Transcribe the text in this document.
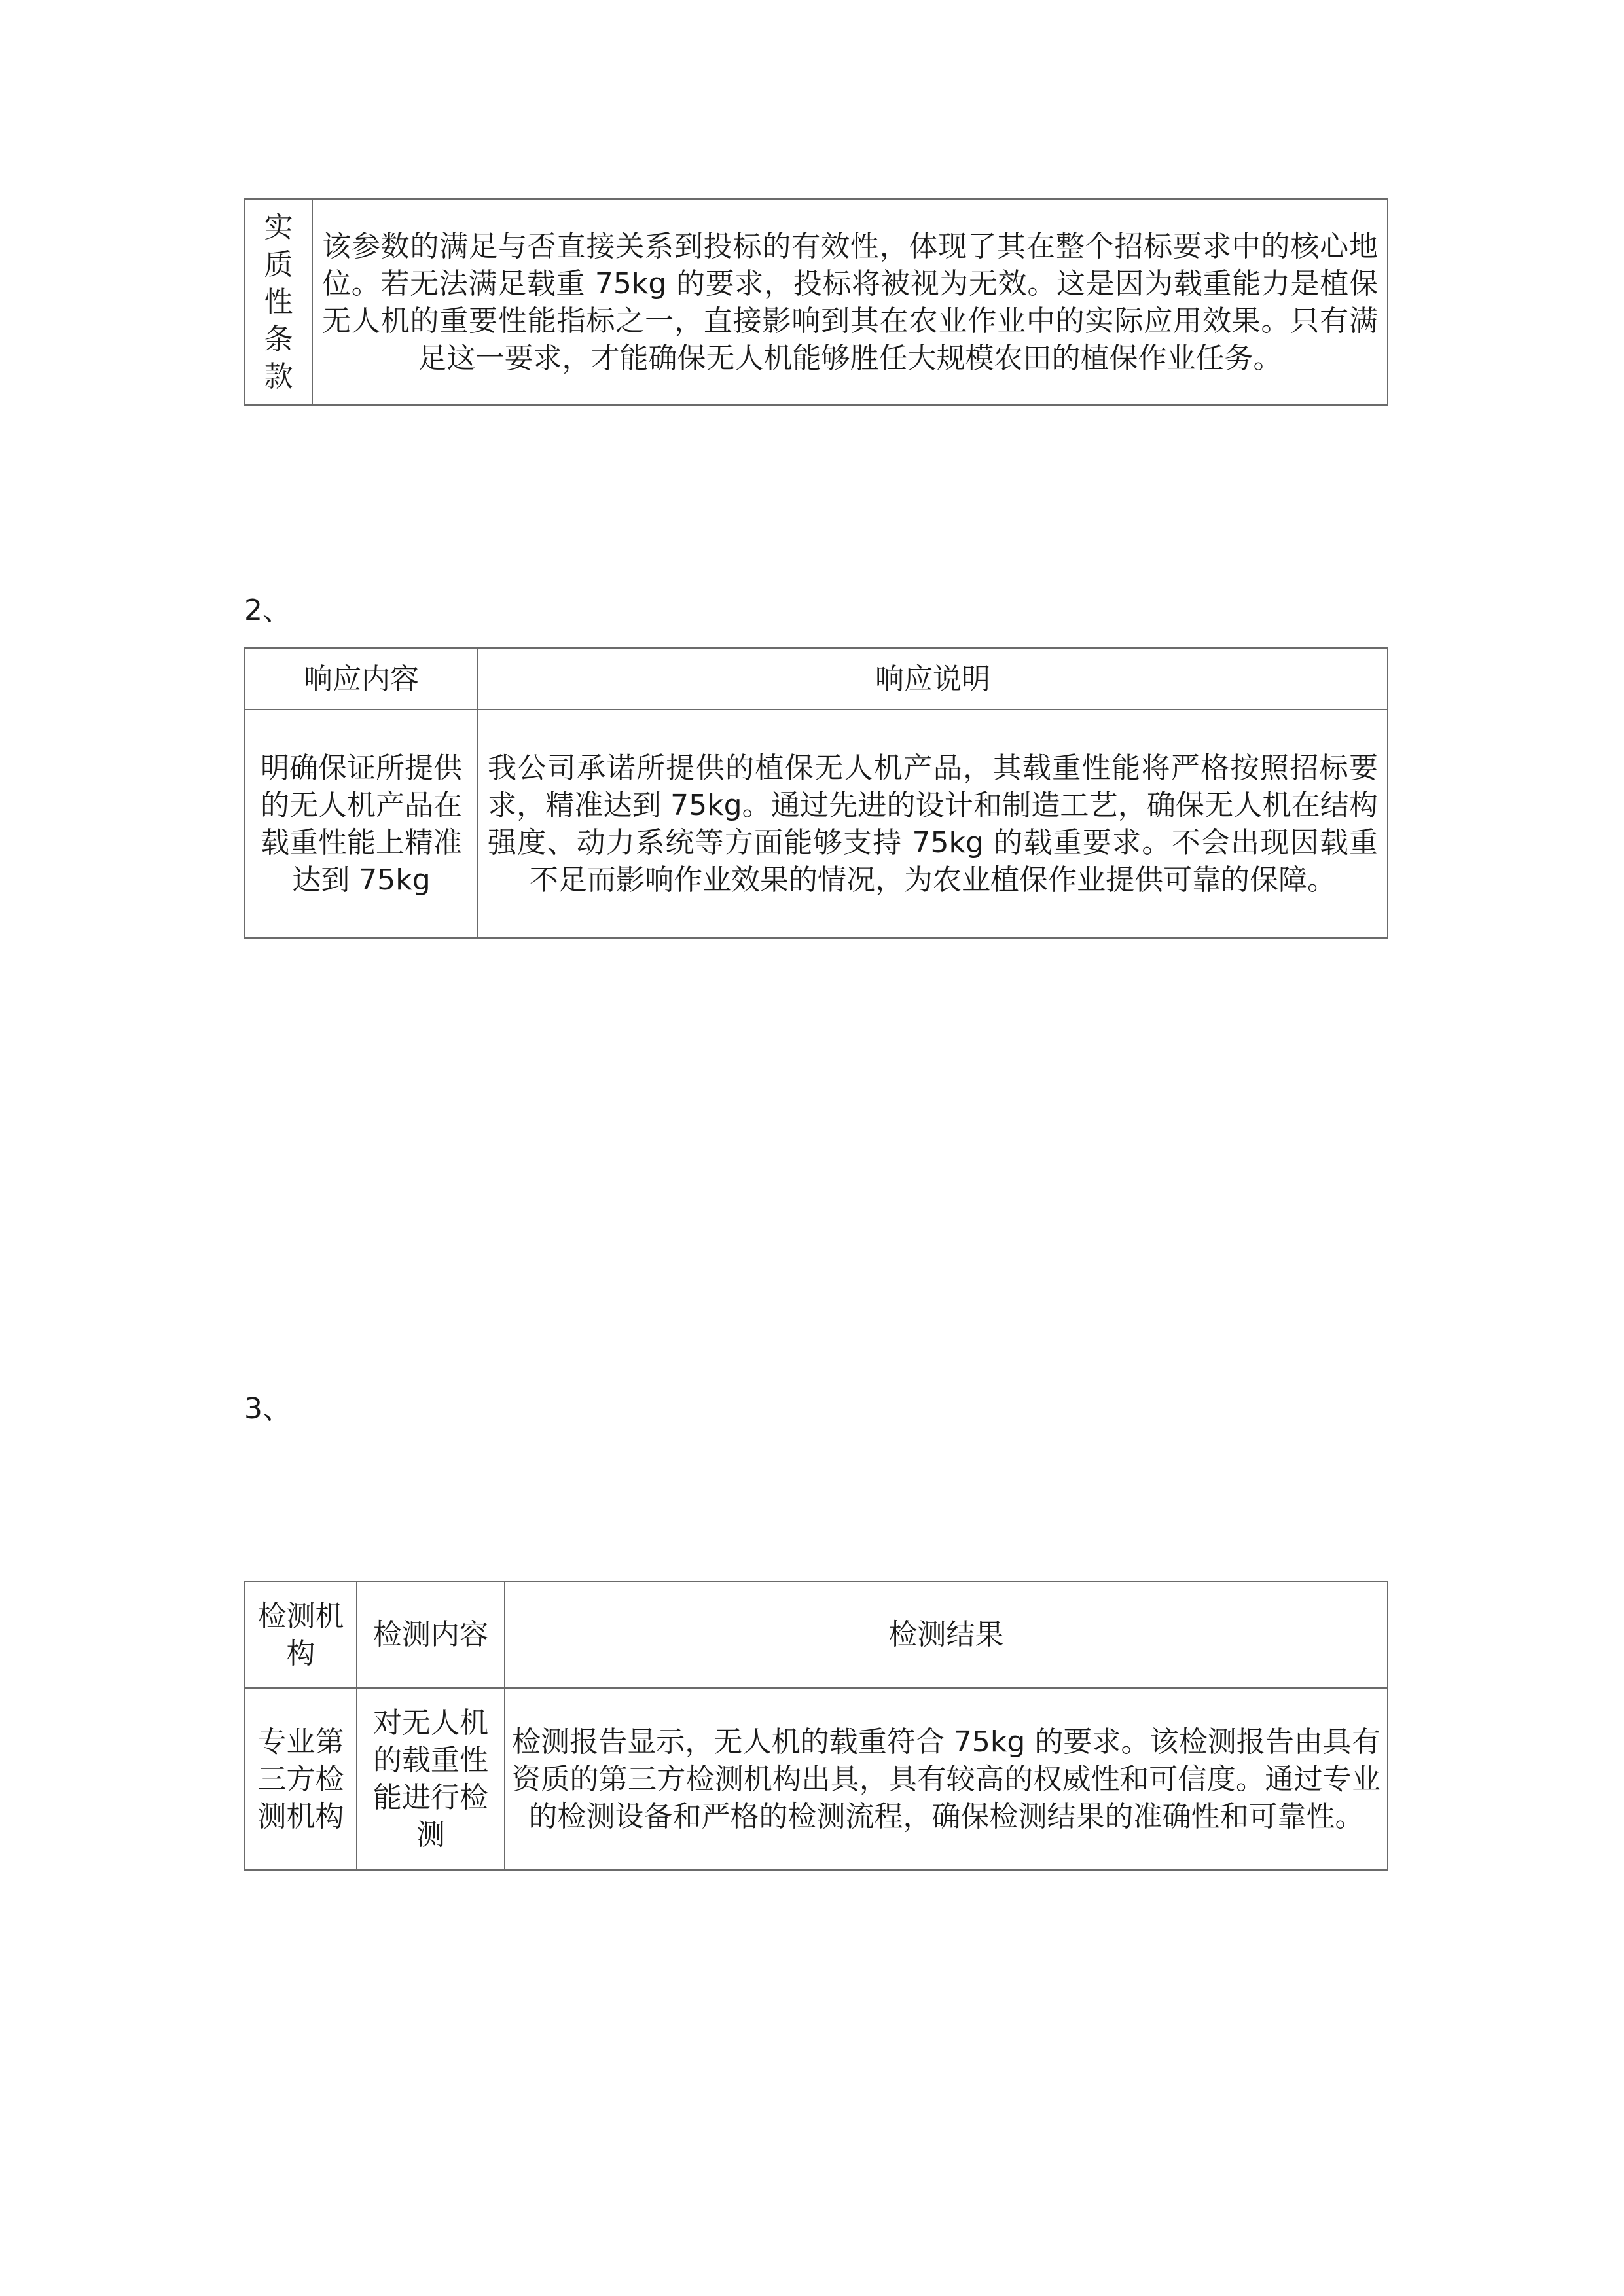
实质性条款	该参数的满足与否直接关系到投标的有效性，体现了其在整个招标要求中的核心地位。若无法满足载重 75kg 的要求，投标将被视为无效。这是因为载重能力是植保无人机的重要性能指标之一，直接影响到其在农业作业中的实际应用效果。只有满足这一要求，才能确保无人机能够胜任大规模农田的植保作业任务。
2、
响应内容	响应说明
明确保证所提供的无人机产品在载重性能上精准达到 75kg	我公司承诺所提供的植保无人机产品，其载重性能将严格按照招标要求，精准达到 75kg。通过先进的设计和制造工艺，确保无人机在结构强度、动力系统等方面能够支持 75kg 的载重要求。不会出现因载重不足而影响作业效果的情况，为农业植保作业提供可靠的保障。
3、
检测机构	检测内容	检测结果
专业第三方检测机构	对无人机的载重性能进行检测	检测报告显示，无人机的载重符合 75kg 的要求。该检测报告由具有资质的第三方检测机构出具，具有较高的权威性和可信度。通过专业的检测设备和严格的检测流程，确保检测结果的准确性和可靠性。
